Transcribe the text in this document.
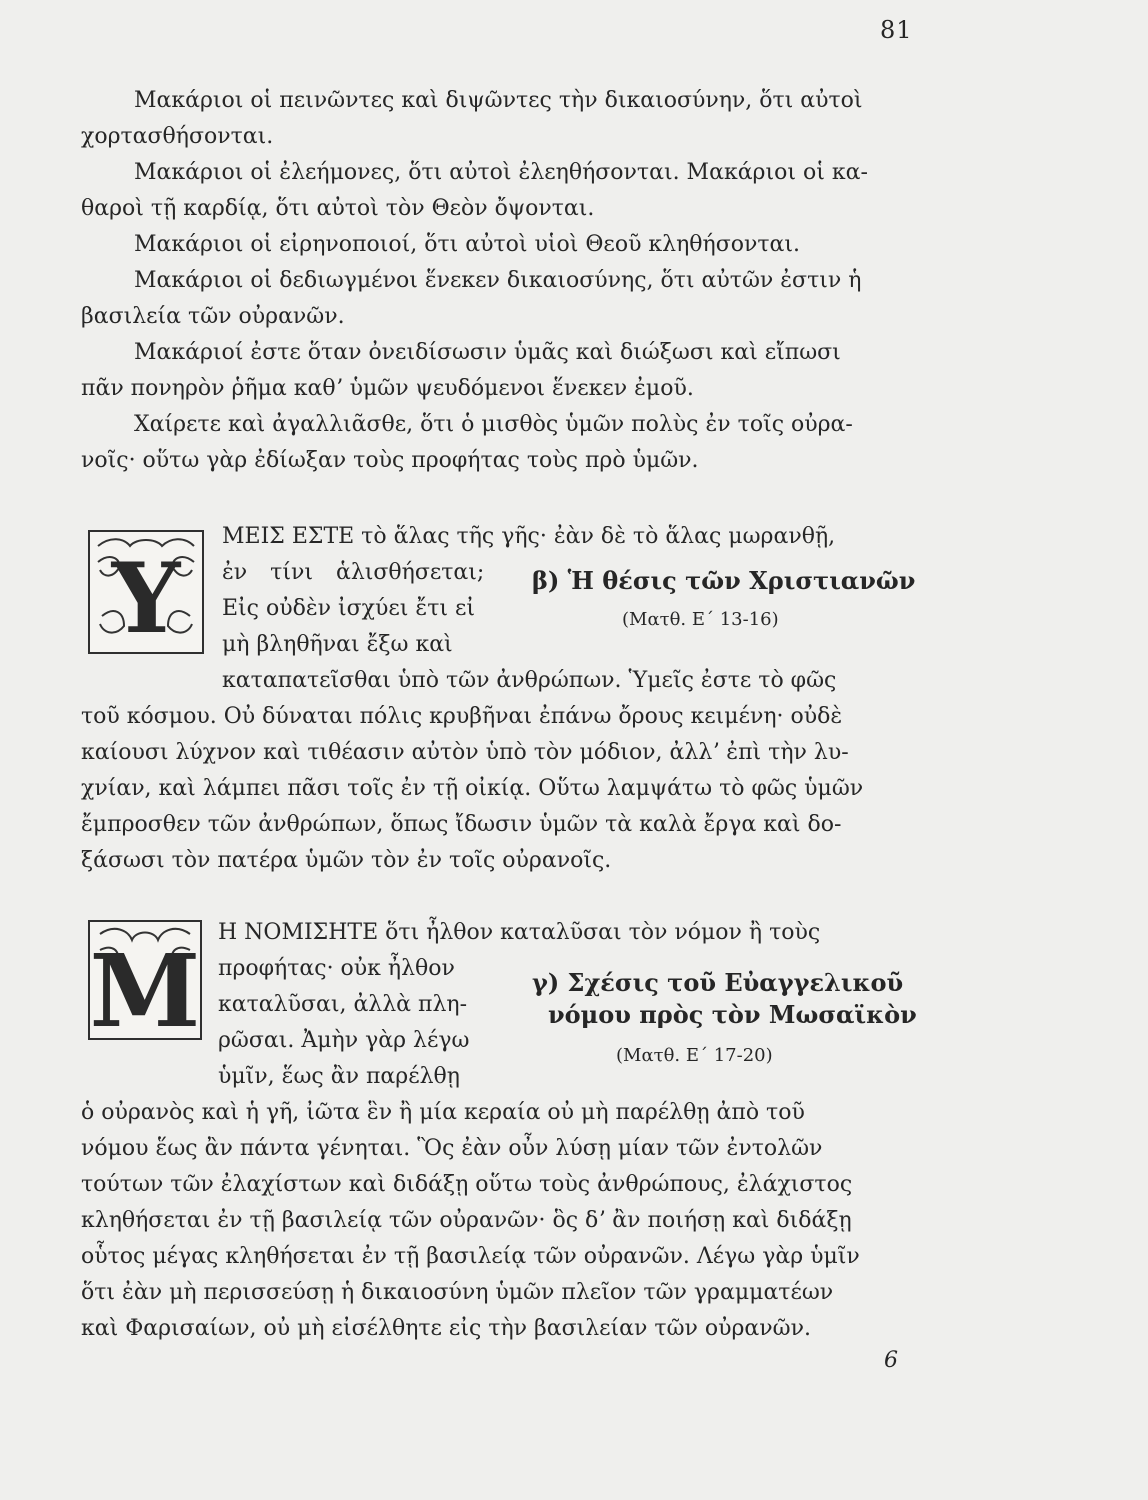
81
Μακάριοι οἱ πεινῶντες καὶ διψῶντες τὴν δικαιοσύνην, ὅτι αὐτοὶ
χορτασθήσονται.
Μακάριοι οἱ ἐλεήμονες, ὅτι αὐτοὶ ἐλεηθήσονται. Μακάριοι οἱ κα-
θαροὶ τῇ καρδίᾳ, ὅτι αὐτοὶ τὸν Θεὸν ὄψονται.
Μακάριοι οἱ εἰρηνοποιοί, ὅτι αὐτοὶ υἱοὶ Θεοῦ κληθήσονται.
Μακάριοι οἱ δεδιωγμένοι ἕνεκεν δικαιοσύνης, ὅτι αὐτῶν ἐστιν ἡ
βασιλεία τῶν οὐρανῶν.
Μακάριοί ἐστε ὅταν ὀνειδίσωσιν ὑμᾶς καὶ διώξωσι καὶ εἴπωσι
πᾶν πονηρὸν ῥῆμα καθʼ ὑμῶν ψευδόμενοι ἕνεκεν ἐμοῦ.
Χαίρετε καὶ ἀγαλλιᾶσθε, ὅτι ὁ μισθὸς ὑμῶν πολὺς ἐν τοῖς οὐρα-
νοῖς· οὕτω γὰρ ἐδίωξαν τοὺς προφήτας τοὺς πρὸ ὑμῶν.
Υ
ΜΕΙΣ ΕΣΤΕ τὸ ἅλας τῆς γῆς· ἐὰν δὲ τὸ ἅλας μωρανθῇ,
ἐν τίνι ἁλισθήσεται;
Εἰς οὐδὲν ἰσχύει ἔτι εἰ
μὴ βληθῆναι ἔξω καὶ
β) Ἡ θέσις τῶν Χριστιανῶν
(Ματθ. Ε΄ 13-16)
καταπατεῖσθαι ὑπὸ τῶν ἀνθρώπων. Ὑμεῖς ἐστε τὸ φῶς
τοῦ κόσμου. Οὐ δύναται πόλις κρυβῆναι ἐπάνω ὄρους κειμένη· οὐδὲ
καίουσι λύχνον καὶ τιθέασιν αὐτὸν ὑπὸ τὸν μόδιον, ἀλλʼ ἐπὶ τὴν λυ-
χνίαν, καὶ λάμπει πᾶσι τοῖς ἐν τῇ οἰκίᾳ. Οὕτω λαμψάτω τὸ φῶς ὑμῶν
ἔμπροσθεν τῶν ἀνθρώπων, ὅπως ἴδωσιν ὑμῶν τὰ καλὰ ἔργα καὶ δο-
ξάσωσι τὸν πατέρα ὑμῶν τὸν ἐν τοῖς οὐρανοῖς.
M Η ΝΟΜΙΣΗΤΕ ὅτι ἦλθον καταλῦσαι τὸν νόμον ἢ τοὺς
προφήτας· οὐκ ἦλθον
καταλῦσαι, ἀλλὰ πλη-
ρῶσαι. Ἀμὴν γὰρ λέγω
ὑμῖν, ἕως ἂν παρέλθῃ
γ) Σχέσις τοῦ Εὐαγγελικοῦ
νόμου πρὸς τὸν Μωσαϊκὸν
(Ματθ. Ε΄ 17-20)
ὁ οὐρανὸς καὶ ἡ γῆ, ἰῶτα ἓν ἢ μία κεραία οὐ μὴ παρέλθῃ ἀπὸ τοῦ
νόμου ἕως ἂν πάντα γένηται. Ὃς ἐὰν οὖν λύσῃ μίαν τῶν ἐντολῶν
τούτων τῶν ἐλαχίστων καὶ διδάξῃ οὕτω τοὺς ἀνθρώπους, ἐλάχιστος
κληθήσεται ἐν τῇ βασιλείᾳ τῶν οὐρανῶν· ὃς δʼ ἂν ποιήσῃ καὶ διδάξῃ
οὗτος μέγας κληθήσεται ἐν τῇ βασιλείᾳ τῶν οὐρανῶν. Λέγω γὰρ ὑμῖν
ὅτι ἐὰν μὴ περισσεύσῃ ἡ δικαιοσύνη ὑμῶν πλεῖον τῶν γραμματέων
καὶ Φαρισαίων, οὐ μὴ εἰσέλθητε εἰς τὴν βασιλείαν τῶν οὐρανῶν.
6
